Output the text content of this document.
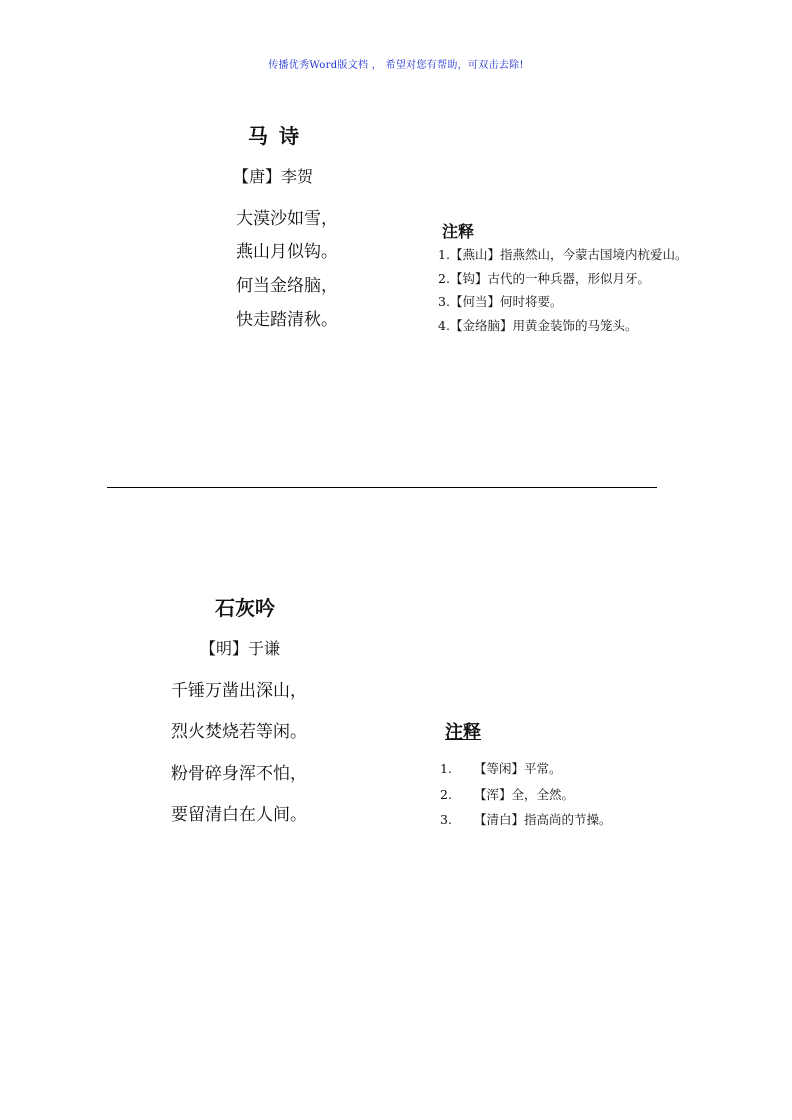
传播优秀Word版文档 ， 希望对您有帮助，可双击去除!
马 诗
【唐】李贺
大漠沙如雪，
燕山月似钩。
何当金络脑，
快走踏清秋。
注释
1.【燕山】指燕然山，今蒙古国境内杭爱山。
2.【钩】古代的一种兵器，形似月牙。
3.【何当】何时将要。
4.【金络脑】用黄金装饰的马笼头。
石灰吟
【明】于谦
千锤万凿出深山，
烈火焚烧若等闲。
粉骨碎身浑不怕，
要留清白在人间。
注释
1. 【等闲】平常。
2. 【浑】全，全然。
3. 【清白】指高尚的节操。
